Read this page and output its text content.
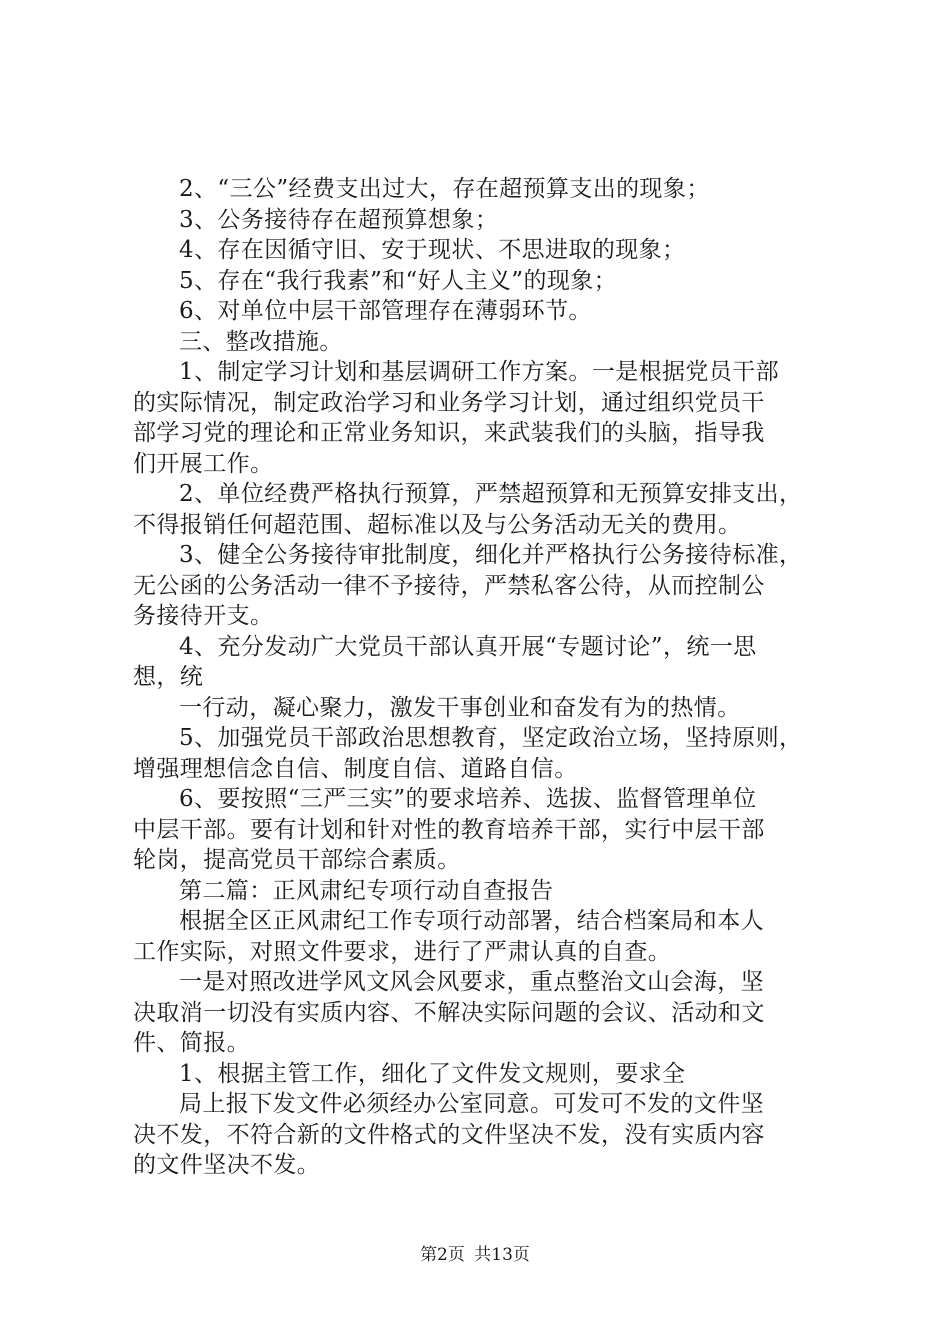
2、“三公”经费支出过大，存在超预算支出的现象；
3、公务接待存在超预算想象；
4、存在因循守旧、安于现状、不思进取的现象；
5、存在“我行我素”和“好人主义”的现象；
6、对单位中层干部管理存在薄弱环节。
三、整改措施。
1、制定学习计划和基层调研工作方案。一是根据党员干部
的实际情况，制定政治学习和业务学习计划，通过组织党员干
部学习党的理论和正常业务知识，来武装我们的头脑，指导我
们开展工作。
2、单位经费严格执行预算，严禁超预算和无预算安排支出，
不得报销任何超范围、超标准以及与公务活动无关的费用。
3、健全公务接待审批制度，细化并严格执行公务接待标准，
无公函的公务活动一律不予接待，严禁私客公待，从而控制公
务接待开支。
4、充分发动广大党员干部认真开展“专题讨论”，统一思
想，统
一行动，凝心聚力，激发干事创业和奋发有为的热情。
5、加强党员干部政治思想教育，坚定政治立场，坚持原则，
增强理想信念自信、制度自信、道路自信。
6、要按照“三严三实”的要求培养、选拔、监督管理单位
中层干部。要有计划和针对性的教育培养干部，实行中层干部
轮岗，提高党员干部综合素质。
第二篇：正风肃纪专项行动自查报告
根据全区正风肃纪工作专项行动部署，结合档案局和本人
工作实际，对照文件要求，进行了严肃认真的自查。
一是对照改进学风文风会风要求，重点整治文山会海，坚
决取消一切没有实质内容、不解决实际问题的会议、活动和文
件、简报。
1、根据主管工作，细化了文件发文规则，要求全
局上报下发文件必须经办公室同意。可发可不发的文件坚
决不发，不符合新的文件格式的文件坚决不发，没有实质内容
的文件坚决不发。
第2页 共13页
